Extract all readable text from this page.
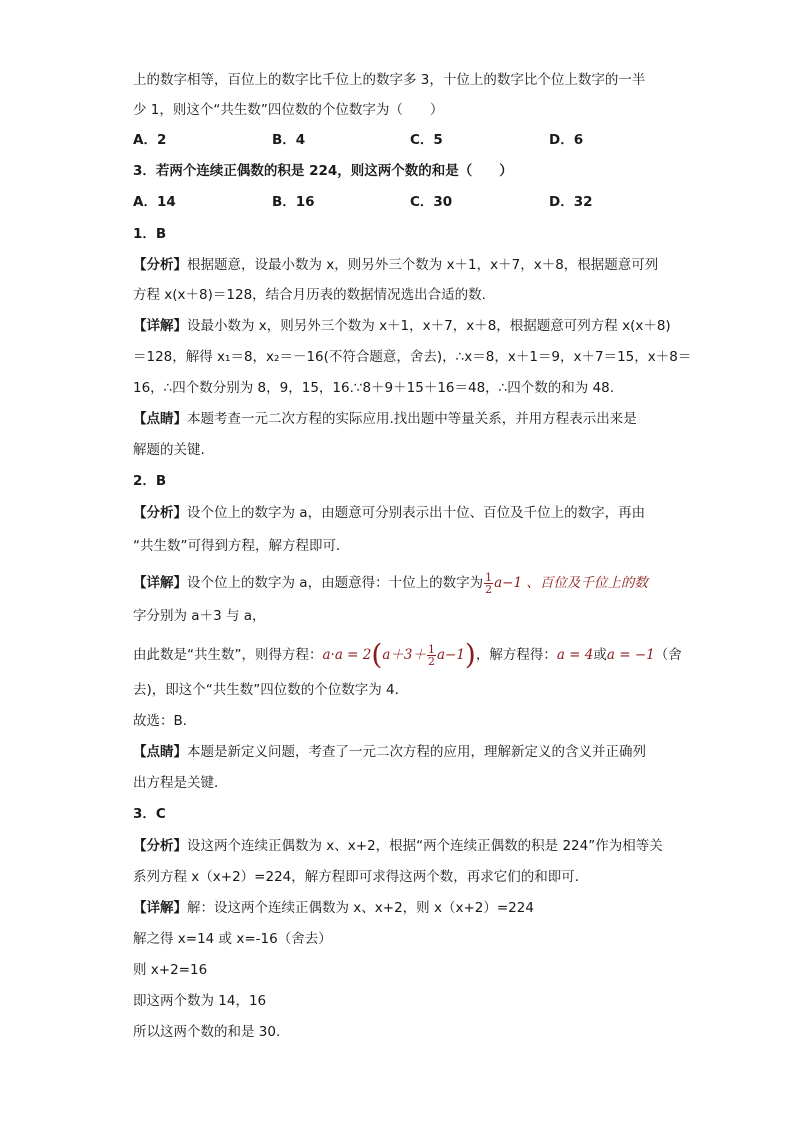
上的数字相等，百位上的数字比千位上的数字多 3，十位上的数字比个位上数字的一半
少 1，则这个“共生数”四位数的个位数字为（　　）
A．2	B．4	C．5	D．6
3．若两个连续正偶数的积是 224，则这两个数的和是（　　）
A．14	B．16	C．30	D．32
1．B
【分析】根据题意，设最小数为 x，则另外三个数为 x＋1，x＋7，x＋8，根据题意可列
方程 x(x＋8)＝128，结合月历表的数据情况选出合适的数.
【详解】设最小数为 x，则另外三个数为 x＋1，x＋7，x＋8，根据题意可列方程 x(x＋8)
＝128，解得 x₁＝8，x₂＝－16(不符合题意，舍去)，∴x＝8，x＋1＝9，x＋7＝15，x＋8＝
16，∴四个数分别为 8，9，15，16.∵8＋9＋15＋16＝48，∴四个数的和为 48.
【点睛】本题考查一元二次方程的实际应用.找出题中等量关系，并用方程表示出来是
解题的关键.
2．B
【分析】设个位上的数字为 a，由题意可分别表示出十位、百位及千位上的数字，再由
“共生数”可得到方程，解方程即可．
【详解】设个位上的数字为 a，由题意得：十位上的数字为 $\frac{1}{2} a-1$ 、百位及千位上的数
字分别为 a＋3 与 a，
由此数是“共生数”，则得方程：$a\cdot a = 2(a+3+ \frac{1}{2} a-1)$，解方程得：a = 4或a = −1（舍
去)，即这个“共生数”四位数的个位数字为 4．
故选：B．
【点睛】本题是新定义问题，考查了一元二次方程的应用，理解新定义的含义并正确列
出方程是关键．
3．C
【分析】设这两个连续正偶数为 x、x+2，根据“两个连续正偶数的积是 224”作为相等关
系列方程 x（x+2）=224，解方程即可求得这两个数，再求它们的和即可．
【详解】解：设这两个连续正偶数为 x、x+2，则 x（x+2）=224
解之得 x=14 或 x=-16（舍去）
则 x+2=16
即这两个数为 14，16
所以这两个数的和是 30.
